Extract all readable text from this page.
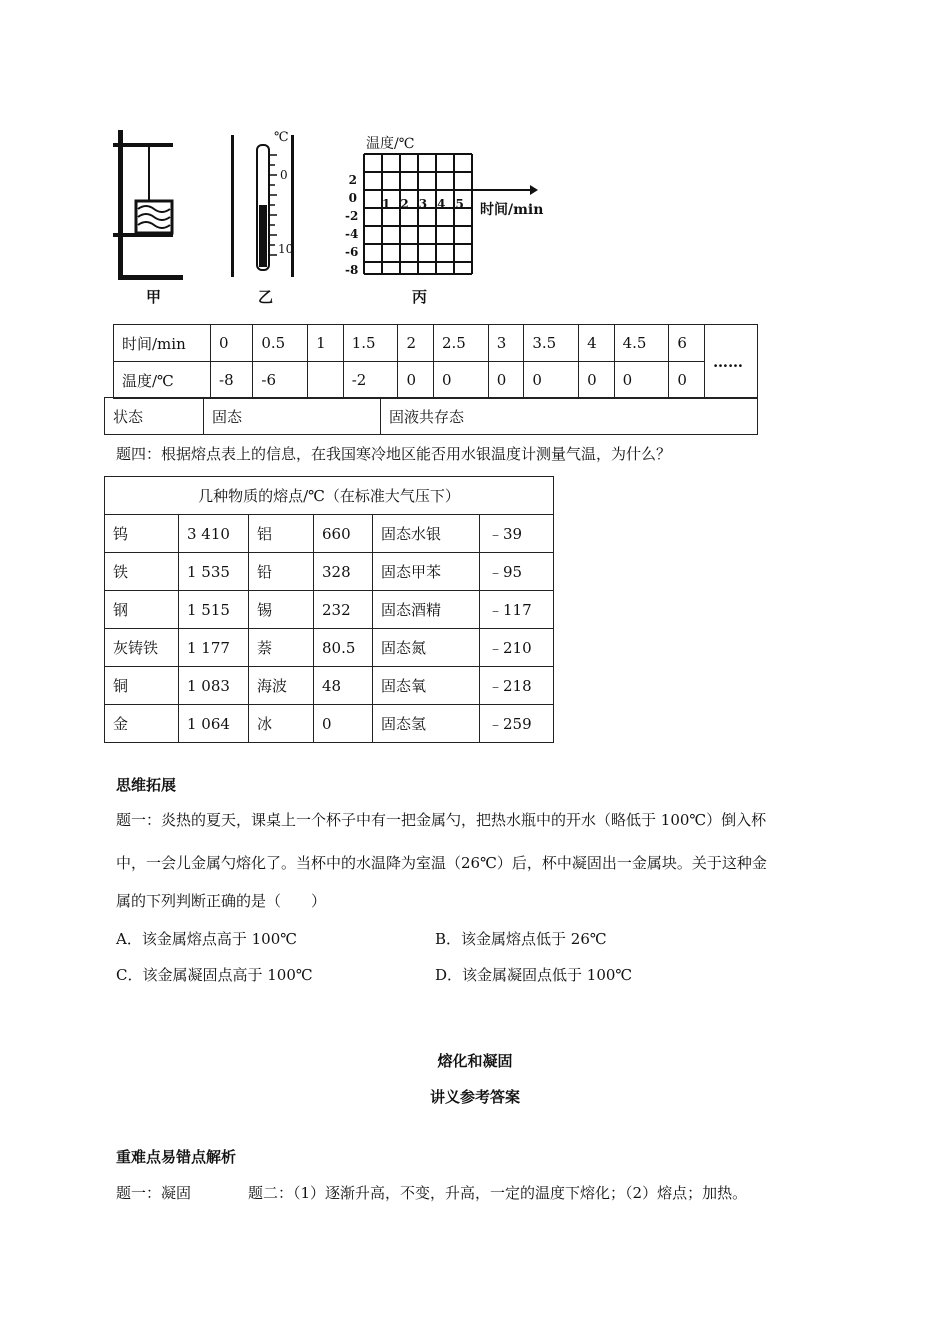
甲
℃
0
10
乙
温度/℃
2
0
-2
-4
-6
-8
1 2 3 4 5 时间/min
丙
时间/min	0	0.5	1	1.5	2	2.5	3	3.5	4	4.5	6	……
温度/℃	-8	-6		-2	0	0	0	0	0	0	0	
状态	固态	固液共存态
题四：根据熔点表上的信息，在我国寒冷地区能否用水银温度计测量气温，为什么？
几种物质的熔点/℃（在标准大气压下）					
钨	3 410	铝	660	固态水银	﹣39
铁	1 535	铅	328	固态甲苯	﹣95
钢	1 515	锡	232	固态酒精	﹣117
灰铸铁	1 177	萘	80.5	固态氮	﹣210
铜	1 083	海波	48	固态氧	﹣218
金	1 064	冰	0	固态氢	﹣259
思维拓展
题一：炎热的夏天，课桌上一个杯子中有一把金属勺，把热水瓶中的开水（略低于 100℃）倒入杯
中，一会儿金属勺熔化了。当杯中的水温降为室温（26℃）后，杯中凝固出一金属块。关于这种金
属的下列判断正确的是（　　）
A．该金属熔点高于 100℃	B．该金属熔点低于 26℃
C．该金属凝固点高于 100℃	D．该金属凝固点低于 100℃
熔化和凝固
讲义参考答案
重难点易错点解析
题一：凝固	题二：（1）逐渐升高，不变，升高，一定的温度下熔化；（2）熔点；加热。
